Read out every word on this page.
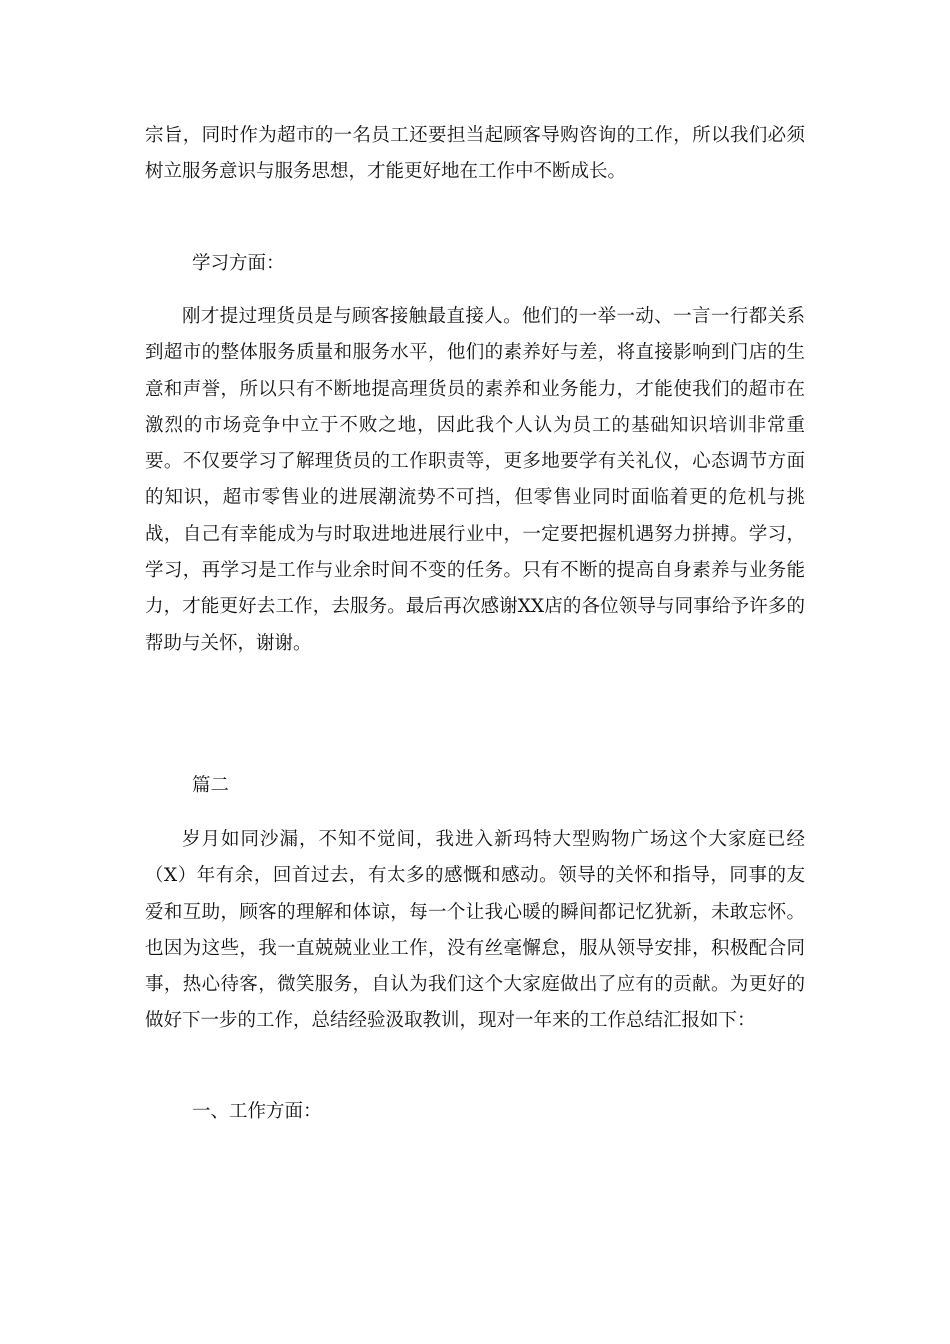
宗旨，同时作为超市的一名员工还要担当起顾客导购咨询的工作，所以我们必须树立服务意识与服务思想，才能更好地在工作中不断成长。

学习方面：

刚才提过理货员是与顾客接触最直接人。他们的一举一动、一言一行都关系到超市的整体服务质量和服务水平，他们的素养好与差，将直接影响到门店的生意和声誉，所以只有不断地提高理货员的素养和业务能力，才能使我们的超市在激烈的市场竞争中立于不败之地，因此我个人认为员工的基础知识培训非常重要。不仅要学习了解理货员的工作职责等，更多地要学有关礼仪，心态调节方面的知识，超市零售业的进展潮流势不可挡，但零售业同时面临着更的危机与挑战，自己有幸能成为与时取进地进展行业中，一定要把握机遇努力拼搏。学习，学习，再学习是工作与业余时间不变的任务。只有不断的提高自身素养与业务能力，才能更好去工作，去服务。最后再次感谢XX店的各位领导与同事给予许多的帮助与关怀，谢谢。

篇二

岁月如同沙漏，不知不觉间，我进入新玛特大型购物广场这个大家庭已经（X）年有余，回首过去，有太多的感慨和感动。领导的关怀和指导，同事的友爱和互助，顾客的理解和体谅，每一个让我心暖的瞬间都记忆犹新，未敢忘怀。也因为这些，我一直兢兢业业工作，没有丝毫懈怠，服从领导安排，积极配合同事，热心待客，微笑服务，自认为我们这个大家庭做出了应有的贡献。为更好的做好下一步的工作，总结经验汲取教训，现对一年来的工作总结汇报如下：

一、工作方面：
